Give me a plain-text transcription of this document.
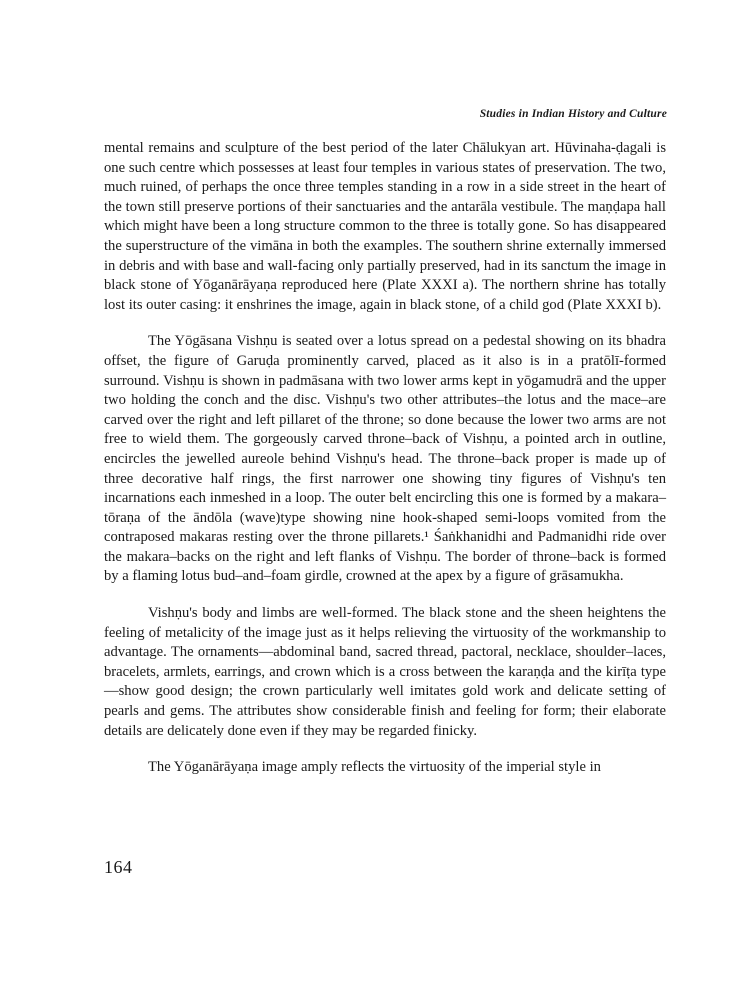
Studies in Indian History and Culture

mental remains and sculpture of the best period of the later Chālukyan art. Hūvinaha-ḍagali is one such centre which possesses at least four temples in various states of preservation. The two, much ruined, of perhaps the once three temples standing in a row in a side street in the heart of the town still preserve portions of their sanctuaries and the antarāla vestibule. The maṇḍapa hall which might have been a long structure common to the three is totally gone. So has disappeared the superstructure of the vimāna in both the examples. The southern shrine externally immersed in debris and with base and wall-facing only partially preserved, had in its sanctum the image in black stone of Yōganārāyaṇa reproduced here (Plate XXXI a). The northern shrine has totally lost its outer casing: it enshrines the image, again in black stone, of a child god (Plate XXXI b).

The Yōgāsana Vishṇu is seated over a lotus spread on a pedestal showing on its bhadra offset, the figure of Garuḍa prominently carved, placed as it also is in a pratōlī-formed surround. Vishṇu is shown in padmāsana with two lower arms kept in yōgamudrā and the upper two holding the conch and the disc. Vishṇu's two other attributes–the lotus and the mace–are carved over the right and left pillaret of the throne; so done because the lower two arms are not free to wield them. The gorgeously carved throne–back of Vishṇu, a pointed arch in outline, encircles the jewelled aureole behind Vishṇu's head. The throne–back proper is made up of three decorative half rings, the first narrower one showing tiny figures of Vishṇu's ten incarnations each inmeshed in a loop. The outer belt encircling this one is formed by a makara–tōraṇa of the āndōla (wave)type showing nine hook-shaped semi-loops vomited from the contraposed makaras resting over the throne pillarets.¹ Śaṅkhanidhi and Padmanidhi ride over the makara–backs on the right and left flanks of Vishṇu. The border of throne–back is formed by a flaming lotus bud–and–foam girdle, crowned at the apex by a figure of grāsamukha.

Vishṇu's body and limbs are well-formed. The black stone and the sheen heightens the feeling of metalicity of the image just as it helps relieving the virtuosity of the workmanship to advantage. The ornaments—abdominal band, sacred thread, pactoral, necklace, shoulder–laces, bracelets, armlets, earrings, and crown which is a cross between the karaṇḍa and the kirīṭa type—show good design; the crown particularly well imitates gold work and delicate setting of pearls and gems. The attributes show considerable finish and feeling for form; their elaborate details are delicately done even if they may be regarded finicky.

The Yōganārāyaṇa image amply reflects the virtuosity of the imperial style in

164
